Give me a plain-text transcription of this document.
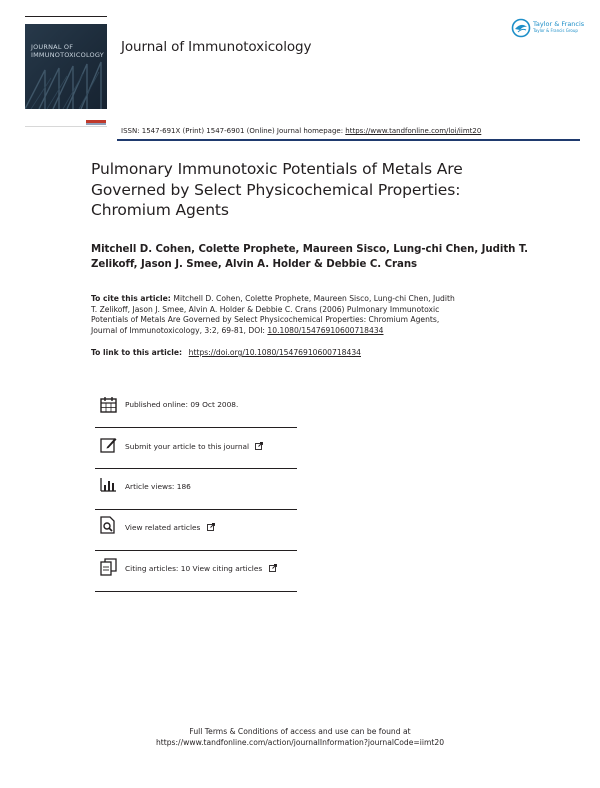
JOURNAL OF
IMMUNOTOXICOLOGY Journal of Immunotoxicology
Taylor & Francis
Taylor & Francis Group
ISSN: 1547-691X (Print) 1547-6901 (Online) Journal homepage: https://www.tandfonline.com/loi/iimt20
Pulmonary Immunotoxic Potentials of Metals Are
Governed by Select Physicochemical Properties:
Chromium Agents
Mitchell D. Cohen, Colette Prophete, Maureen Sisco, Lung-chi Chen, Judith T.
Zelikoff, Jason J. Smee, Alvin A. Holder & Debbie C. Crans
To cite this article: Mitchell D. Cohen, Colette Prophete, Maureen Sisco, Lung-chi Chen, Judith
T. Zelikoff, Jason J. Smee, Alvin A. Holder & Debbie C. Crans (2006) Pulmonary Immunotoxic
Potentials of Metals Are Governed by Select Physicochemical Properties: Chromium Agents,
Journal of Immunotoxicology, 3:2, 69-81, DOI: 10.1080/15476910600718434
To link to this article: https://doi.org/10.1080/15476910600718434
Published online: 09 Oct 2008.
Submit your article to this journal
Article views: 186
View related articles
Citing articles: 10 View citing articles
Full Terms & Conditions of access and use can be found at
https://www.tandfonline.com/action/journalInformation?journalCode=iimt20
